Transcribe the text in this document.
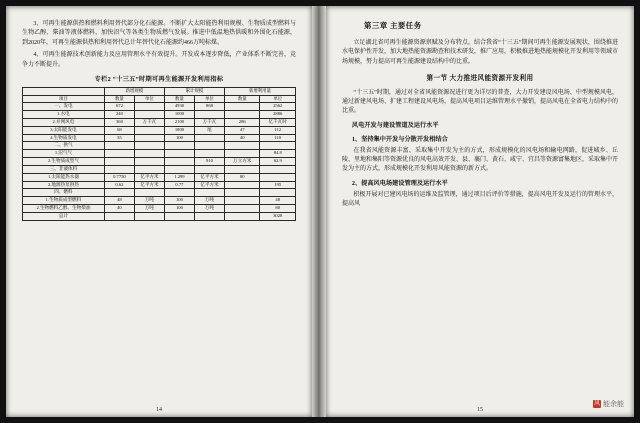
3、可再生能源供热和燃料利用替代部分化石能源。不断扩大太阳能热利用规模、生物质成型燃料与生物乙醇、柴油等液体燃料，加快沼气等各类生物质燃气发展。推进中低温地热供暖和外围化石能源，到2020年，可再生能源供热和利用替代总计年替代化石能源约466万吨标煤。
4、可再生能源技术创新能力及应用管理水平有效提升。开发成本逐步降低，产业体系不断完善，竞争力不断提升。
专栏2 “十三五”时期可再生能源开发利用指标
	新增规模		累计规模		新增利用量	
项目	数量	单位	数量	单位	数量	单位
一、发电	672		4930	868		2562
1.水电	240		1000			2886
2.并网风电	360	万千瓦	2100	万千瓦	286	亿千瓦时
3.太阳能发电	68		1800	尾	47	112
4.生物质发电	35		100		40	110
二、供气						
1.沼气气						84.8
2.生物质成型气				910	万立方米	62.9
三、非液体料						
1.太阳能热水器	0.7750	亿平方米	1.299	亿平方米	80	
2.地源热泵供热	0.62	亿平方米	0.77	亿平方米		195
四、燃料						
1.生物质成型燃料	48	万吨	100	万吨		48
2.生物燃料乙醇、生物柴油	40	万吨	100	万吨		80
总计						3028
14
第三章 主要任务
立足湖北省可再生能源资源禀赋及分布特点，结合我省“十三五”期间可再生能源发展现状，围绕推进水电保护性开发，加大地热能资源勘查和技术研发，推广应用，积极推进地热能规模化开发利用等领域市场规模，努力提高可再生能源建设结构中的比重。
第一节 大力推进风能资源开发利用
“十三五”时期，通过对全省风能资源况进行更为详尽的普查，大力开发建设风电场、中型规模风电，通过新建风电场、扩建工程建设风电场，提高风电项目运维管理水平撤销，提高风电在全省电力结构中的比重。
风电开发与建设管道及运行水平
1、坚持集中开发与分散开发相结合
在我省风能资源丰富、采取集中开发为主的方式，形成规模化的风电场和输电网路，促进城乡、丘陵、里地和集阳等资源优良的风电高效开发、县、襄门、黄石、咸宁、宜昌等资源富集地区，采取集中开发为主的方式，形成规模化开发利用风能资源的新方式。
2、提高风电场建设管理及运行水平
积极开展对已建风电场的运维及监管理，通过项目后评价等措施，提高风电开发及运行的管理水平，提高风
15
风 能余能
